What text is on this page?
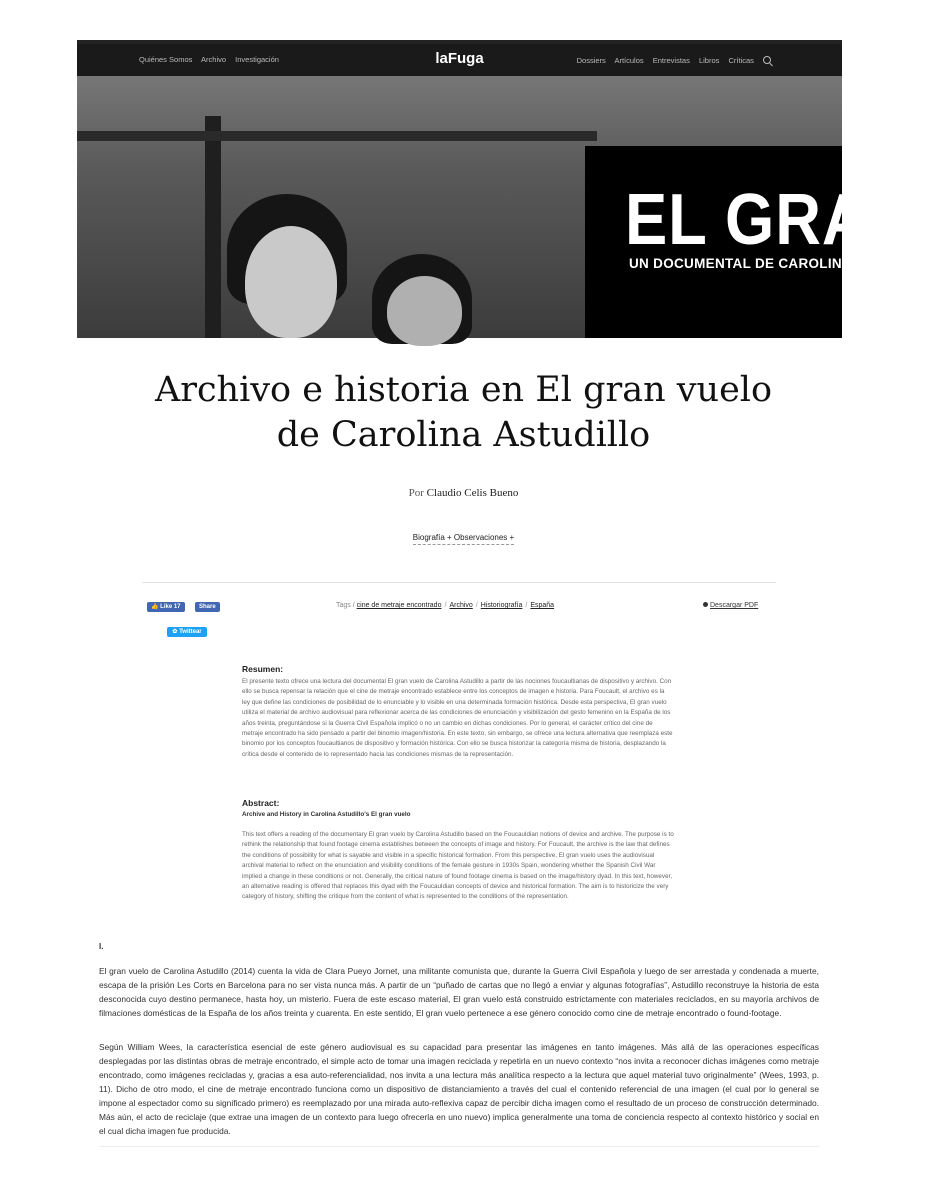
Quiénes Somos Archivo Investigación	laFuga	Dossiers Artículos Entrevistas Libros Críticas
EL GRAN
UN DOCUMENTAL DE CAROLINA
Archivo e historia en El gran vuelo de Carolina Astudillo
Por Claudio Celis Bueno
Biografía + Observaciones +
👍 Like 17	Share
✿ Twittear
Tags / cine de metraje encontrado / Archivo / Historiografía / España	Descargar PDF
Resumen:
El presente texto ofrece una lectura del documental El gran vuelo de Carolina Astudillo a partir de las nociones foucaultianas de dispositivo y archivo. Con ello se busca repensar la relación que el cine de metraje encontrado establece entre los conceptos de imagen e historia. Para Foucault, el archivo es la ley que define las condiciones de posibilidad de lo enunciable y lo visible en una determinada formación histórica. Desde esta perspectiva, El gran vuelo utiliza el material de archivo audiovisual para reflexionar acerca de las condiciones de enunciación y visibilización del gesto femenino en la España de los años treinta, preguntándose si la Guerra Civil Española implicó o no un cambio en dichas condiciones. Por lo general, el carácter crítico del cine de metraje encontrado ha sido pensado a partir del binomio imagen/historia. En este texto, sin embargo, se ofrece una lectura alternativa que reemplaza este binomio por los conceptos foucaultianos de dispositivo y formación histórica. Con ello se busca historizar la categoría misma de historia, desplazando la crítica desde el contenido de lo representado hacia las condiciones mismas de la representación.
Abstract:
Archive and History in Carolina Astudillo's El gran vuelo
This text offers a reading of the documentary El gran vuelo by Carolina Astudillo based on the Foucauldian notions of device and archive. The purpose is to rethink the relationship that found footage cinema establishes between the concepts of image and history. For Foucault, the archive is the law that defines the conditions of possibility for what is sayable and visible in a specific historical formation. From this perspective, El gran vuelo uses the audiovisual archival material to reflect on the enunciation and visibility conditions of the female gesture in 1930s Spain, wondering whether the Spanish Civil War implied a change in these conditions or not. Generally, the critical nature of found footage cinema is based on the image/history dyad. In this text, however, an alternative reading is offered that replaces this dyad with the Foucauldian concepts of device and historical formation. The aim is to historicize the very category of history, shifting the critique from the content of what is represented to the conditions of the representation.
I.
El gran vuelo de Carolina Astudillo (2014) cuenta la vida de Clara Pueyo Jornet, una militante comunista que, durante la Guerra Civil Española y luego de ser arrestada y condenada a muerte, escapa de la prisión Les Corts en Barcelona para no ser vista nunca más. A partir de un “puñado de cartas que no llegó a enviar y algunas fotografías”, Astudillo reconstruye la historia de esta desconocida cuyo destino permanece, hasta hoy, un misterio. Fuera de este escaso material, El gran vuelo está construido estrictamente con materiales reciclados, en su mayoría archivos de filmaciones domésticas de la España de los años treinta y cuarenta. En este sentido, El gran vuelo pertenece a ese género conocido como cine de metraje encontrado o found-footage.
Según William Wees, la característica esencial de este género audiovisual es su capacidad para presentar las imágenes en tanto imágenes. Más allá de las operaciones específicas desplegadas por las distintas obras de metraje encontrado, el simple acto de tomar una imagen reciclada y repetirla en un nuevo contexto “nos invita a reconocer dichas imágenes como metraje encontrado, como imágenes recicladas y, gracias a esa auto-referencialidad, nos invita a una lectura más analítica respecto a la lectura que aquel material tuvo originalmente” (Wees, 1993, p. 11). Dicho de otro modo, el cine de metraje encontrado funciona como un dispositivo de distanciamiento a través del cual el contenido referencial de una imagen (el cual por lo general se impone al espectador como su significado primero) es reemplazado por una mirada auto-reflexiva capaz de percibir dicha imagen como el resultado de un proceso de construcción determinado. Más aún, el acto de reciclaje (que extrae una imagen de un contexto para luego ofrecerla en uno nuevo) implica generalmente una toma de conciencia respecto al contexto histórico y social en el cual dicha imagen fue producida.
